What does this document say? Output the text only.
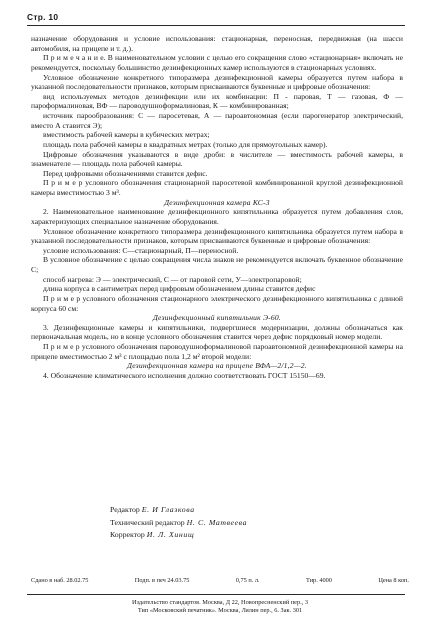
Стр. 10

назначение оборудования и условие использования: стационарная, переносная, передвижная (на шасси автомобиля, на прицепе и т. д.).

П р и м е ч а н и е. В наименовательном условии с целью его сокращения слово «стационарная» включать не рекомендуется, поскольку большинство дезинфекционных камер используются в стационарных условиях.

Условное обозначение конкретного типоразмера дезинфекционной камеры образуется путем набора в указанной последовательности признаков, которым присваиваются буквенные и цифровые обозначения:

вид используемых методов дезинфекции или их комбинации: П - паровая, Т — газовая, Ф — пароформалиновая, ВФ — пароводушноформалиновая, К — комбинированная;

источник парообразования: С — паросетевая, А — пароавтономная (если парогенератор электрический, вместо А ставится Э);

вместимость рабочей камеры в кубических метрах;

площадь пола рабочей камеры в квадратных метрах (только для прямоугольных камер).

Цифровые обозначения указываются в виде дроби: в числителе — вместимость рабочей камеры, в знаменателе — площадь пола рабочей камеры.

Перед цифровыми обозначениями ставится дефис.

П р и м е р условного обозначения стационарной паросетевой комбинированной круглой дезинфекционной камеры вместимостью 3 м³.

Дезинфекционная камера КС-3

2. Наименовательное наименование дезинфекционного кипятильника образуется путем добавления слов, характеризующих специальное назначение оборудования.

Условное обозначение конкретного типоразмера дезинфекционного кипятильника образуется путем набора в указанной последовательности признаков, которым присваиваются буквенные и цифровые обозначения:

условие использования: С—стационарный, П—переносной.

В условное обозначение с целью сокращения числа знаков не рекомендуется включать буквенное обозначение С;

способ нагрева: Э — электрический, С — от паровой сети, У—электропаровой;

длина корпуса в сантиметрах перед цифровым обозначением длины ставится дефис

П р и м е р условного обозначения стационарного электрического дезинфекционного кипятильника с длиной корпуса 60 см:

Дезинфекционный кипятильник Э-60.

3. Дезинфекционные камеры и кипятильники, подвергшиеся модернизации, должны обозначаться как первоначальная модель, но в конце условного обозначения ставится через дефис порядковый номер модели.

П р и м е р условного обозначения пароводушноформалиновой пароавтономной дезинфекционной камеры на прицепе вместимостью 2 м³ с площадью пола 1,2 м² второй модели:

Дезинфекционная камера на прицепе ВФА—2/1,2—2.

4. Обозначение климатического исполнения должно соответствовать ГОСТ 15150—69.

Редактор Е. И Глазкова
Технический редактор Н. С. Матвеева
Корректор И. Л. Хинищ
Сдано в наб. 28.02.75	Подп. в печ 24.03.75	0,75 п. л.	Тир. 4000	Цена 8 коп.
Издательство стандартов. Москва, Д 22, Новопресненский пер., 3
Тип «Московский печатник». Москва, Лялин пер., 6. Зак. 301
